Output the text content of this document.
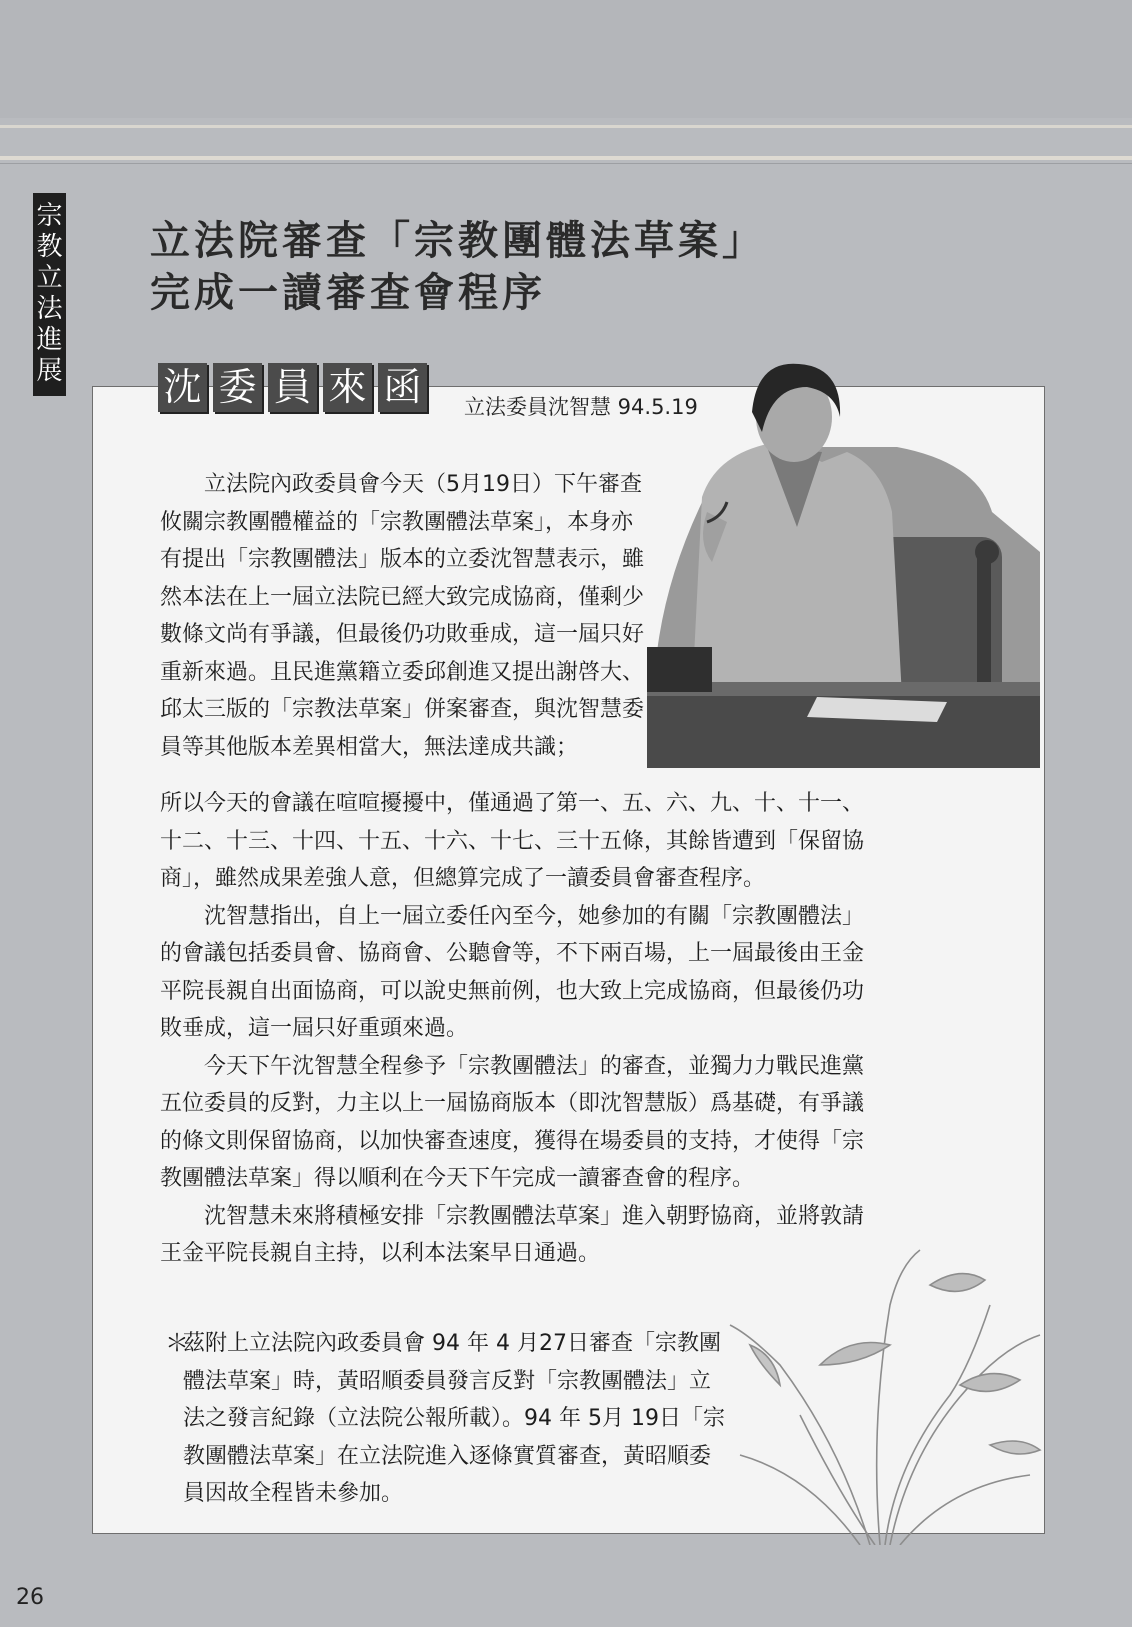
宗
教
立
法
進
展
立法院審查「宗教團體法草案」
完成一讀審查會程序
沈 委 員 來 函 立法委員沈智慧 94.5.19

立法院內政委員會今天（5月19日）下午審查攸關宗教團體權益的「宗教團體法草案」，本身亦有提出「宗教團體法」版本的立委沈智慧表示，雖然本法在上一屆立法院已經大致完成協商，僅剩少數條文尚有爭議，但最後仍功敗垂成，這一屆只好重新來過。且民進黨籍立委邱創進又提出謝啓大、邱太三版的「宗教法草案」併案審查，與沈智慧委員等其他版本差異相當大，無法達成共識；

所以今天的會議在喧喧擾擾中，僅通過了第一、五、六、九、十、十一、十二、十三、十四、十五、十六、十七、三十五條，其餘皆遭到「保留協商」，雖然成果差強人意，但總算完成了一讀委員會審查程序。

沈智慧指出，自上一屆立委任內至今，她參加的有關「宗教團體法」的會議包括委員會、協商會、公聽會等，不下兩百場，上一屆最後由王金平院長親自出面協商，可以說史無前例，也大致上完成協商，但最後仍功敗垂成，這一屆只好重頭來過。

今天下午沈智慧全程參予「宗教團體法」的審查，並獨力力戰民進黨五位委員的反對，力主以上一屆協商版本（即沈智慧版）爲基礎，有爭議的條文則保留協商，以加快審查速度，獲得在場委員的支持，才使得「宗教團體法草案」得以順利在今天下午完成一讀審查會的程序。

沈智慧未來將積極安排「宗教團體法草案」進入朝野協商，並將敦請王金平院長親自主持，以利本法案早日通過。

＊
茲附上立法院內政委員會 94 年 4 月27日審查「宗教團體法草案」時，黃昭順委員發言反對「宗教團體法」立法之發言紀錄（立法院公報所載）。94 年 5月 19日「宗教團體法草案」在立法院進入逐條實質審查，黃昭順委員因故全程皆未參加。
26
